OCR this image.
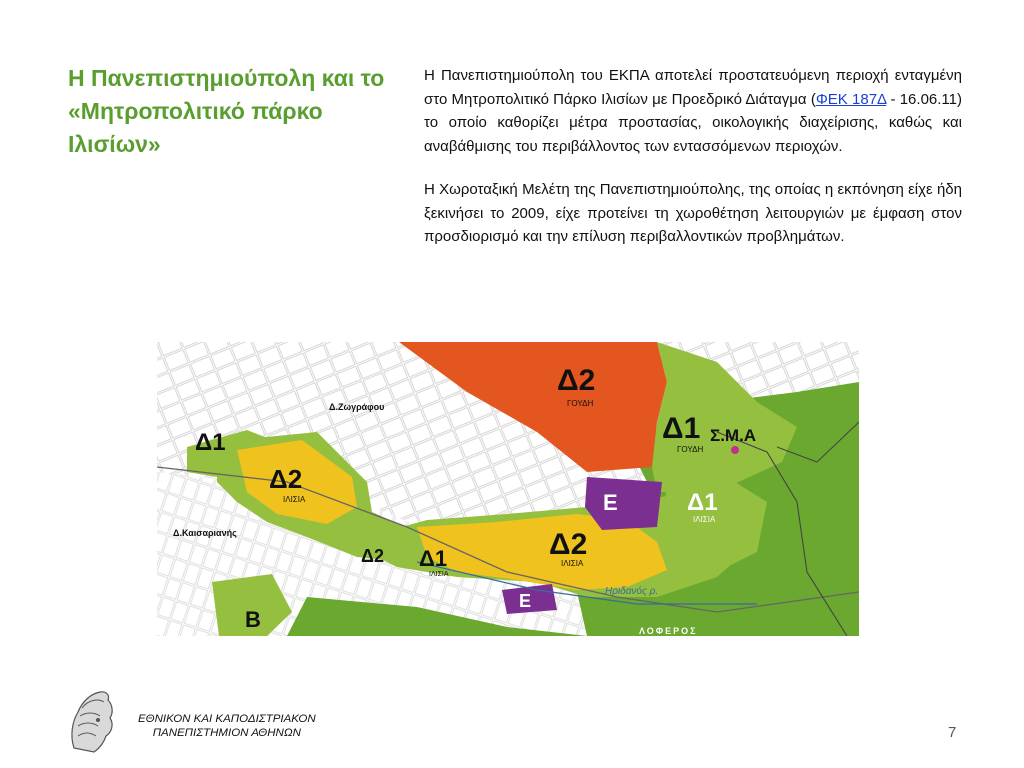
Η Πανεπιστημιούπολη και το «Μητροπολιτικό πάρκο Ιλισίων»

Η Πανεπιστημιούπολη του ΕΚΠΑ αποτελεί προστατευόμενη περιοχή ενταγμένη στο Μητροπολιτικό Πάρκο Ιλισίων με Προεδρικό Διάταγμα (ΦΕΚ 187Δ - 16.06.11) το οποίο καθορίζει μέτρα προστασίας, οικολογικής διαχείρισης, καθώς και αναβάθμισης του περιβάλλοντος των εντασσόμενων περιοχών.

Η Χωροταξική Μελέτη της Πανεπιστημιούπολης, της οποίας η εκπόνηση είχε ήδη ξεκινήσει το 2009, είχε προτείνει τη χωροθέτηση λειτουργιών με έμφαση στον προσδιορισμό και την επίλυση περιβαλλοντικών προβλημάτων.

Δ2
ΓΟΥΔΗ
Δ1 Σ.Μ.Α
ΓΟΥΔΗ
Δ1
Δ2
ΙΛΙΣΙΑ
Δ.Ζωγράφου
Δ.Καισαριανής
Ε	Δ1
ΙΛΙΣΙΑ
Δ2
ΙΛΙΣΙΑ
Δ2 Δ1
ΙΛΙΣΙΑ
Β
Ε	Ηριδανός ρ.
ΛΟΦΕΡΟΣ
ΕΘΝΙΚΟΝ ΚΑΙ ΚΑΠΟΔΙΣΤΡΙΑΚΟΝ
ΠΑΝΕΠΙΣΤΗΜΙΟΝ ΑΘΗΝΩΝ	7
